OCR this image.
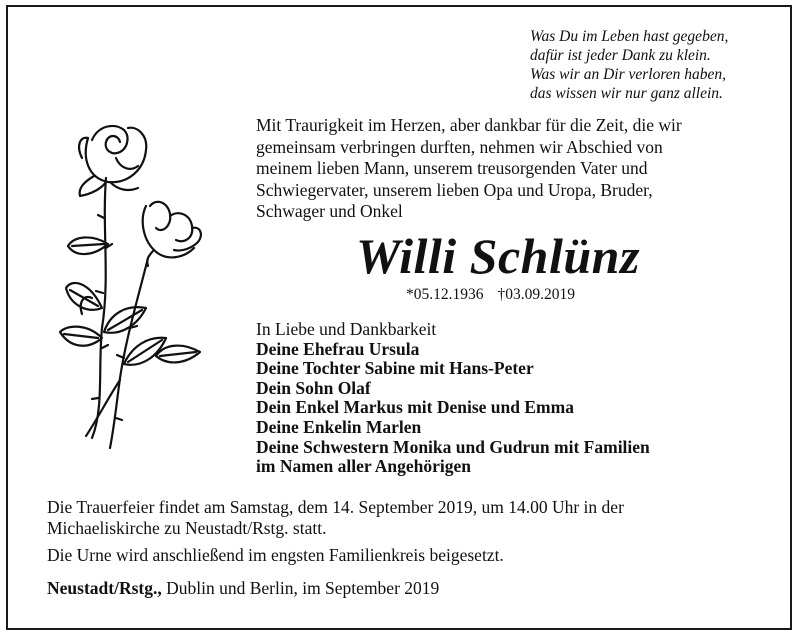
Was Du im Leben hast gegeben,
dafür ist jeder Dank zu klein.
Was wir an Dir verloren haben,
das wissen wir nur ganz allein.
Mit Traurigkeit im Herzen, aber dankbar für die Zeit, die wir
gemeinsam verbringen durften, nehmen wir Abschied von
meinem lieben Mann, unserem treusorgenden Vater und
Schwiegervater, unserem lieben Opa und Uropa, Bruder,
Schwager und Onkel
Willi Schlünz
*05.12.1936 †03.09.2019
In Liebe und Dankbarkeit
Deine Ehefrau Ursula
Deine Tochter Sabine mit Hans-Peter
Dein Sohn Olaf
Dein Enkel Markus mit Denise und Emma
Deine Enkelin Marlen
Deine Schwestern Monika und Gudrun mit Familien
im Namen aller Angehörigen
Die Trauerfeier findet am Samstag, dem 14. September 2019, um 14.00 Uhr in der
Michaeliskirche zu Neustadt/Rstg. statt.
Die Urne wird anschließend im engsten Familienkreis beigesetzt.
Neustadt/Rstg., Dublin und Berlin, im September 2019
